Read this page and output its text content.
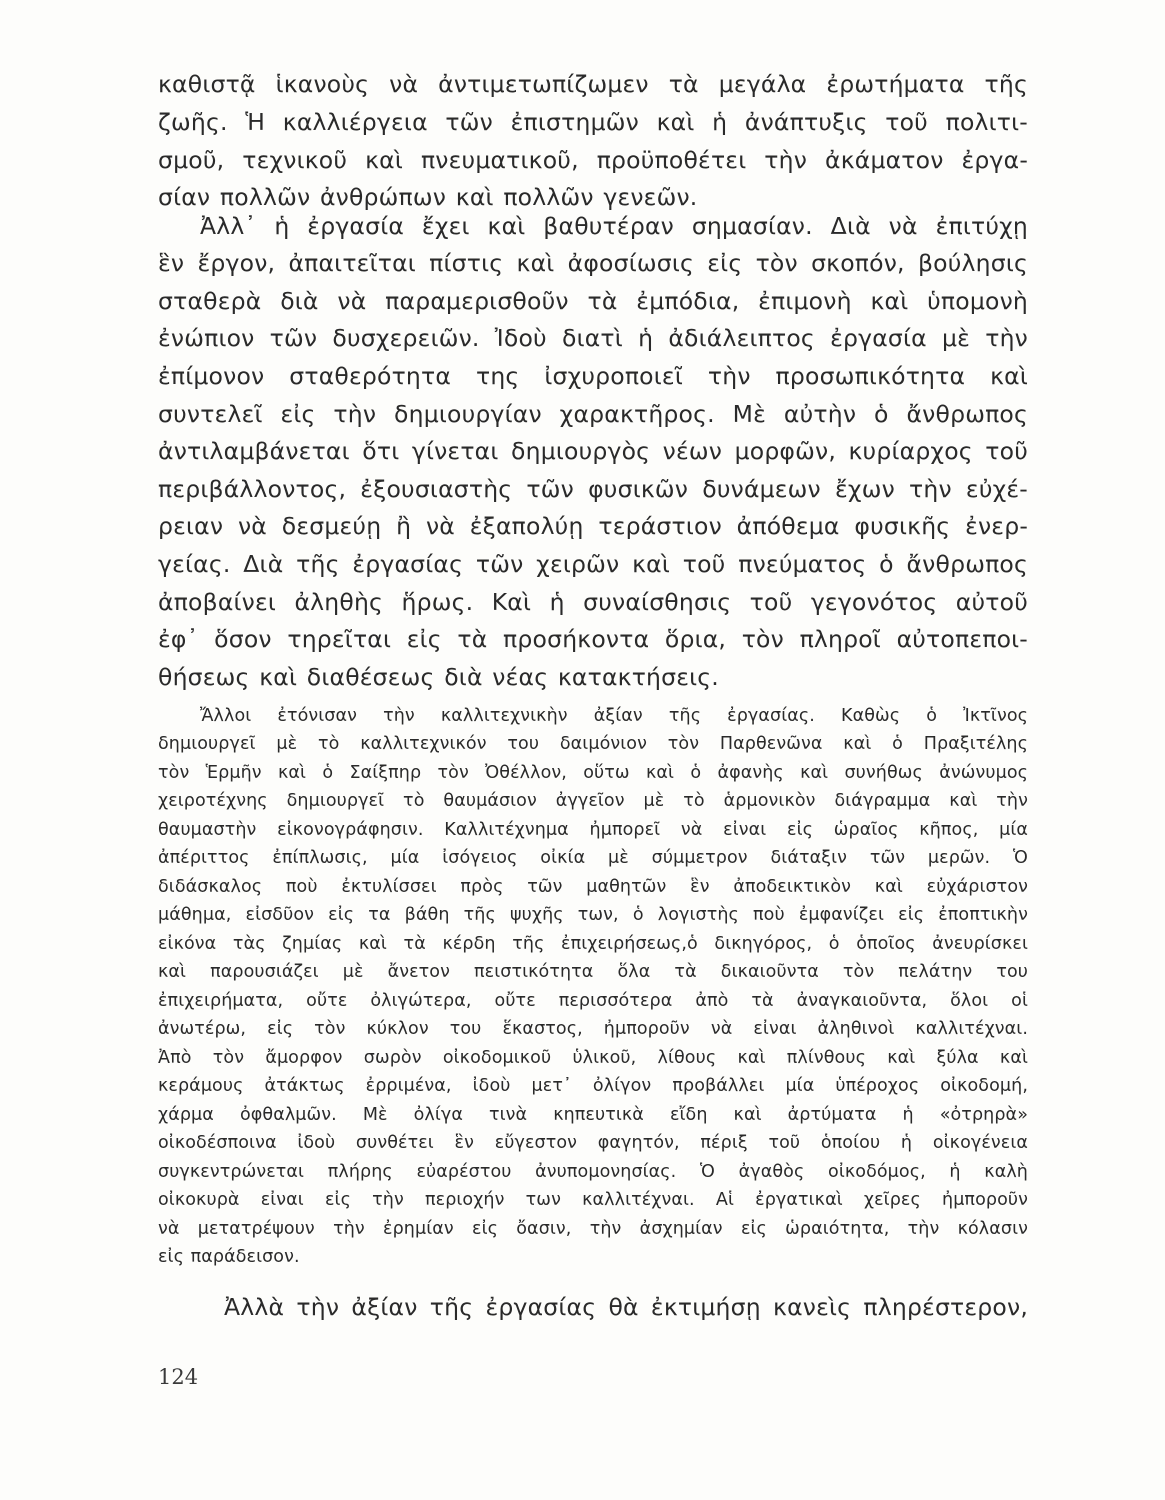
καθιστᾷ ἱκανοὺς νὰ ἀντιμετωπίζωμεν τὰ μεγάλα ἐρωτήματα τῆς
ζωῆς. Ἡ καλλιέργεια τῶν ἐπιστημῶν καὶ ἡ ἀνάπτυξις τοῦ πολιτι-
σμοῦ, τεχνικοῦ καὶ πνευματικοῦ, προϋποθέτει τὴν ἀκάματον ἐργα-
σίαν πολλῶν ἀνθρώπων καὶ πολλῶν γενεῶν.
Ἀλλ᾽ ἡ ἐργασία ἔχει καὶ βαθυτέραν σημασίαν. Διὰ νὰ ἐπιτύχῃ
ἓν ἔργον, ἀπαιτεῖται πίστις καὶ ἀφοσίωσις εἰς τὸν σκοπόν, βούλησις
σταθερὰ διὰ νὰ παραμερισθοῦν τὰ ἐμπόδια, ἐπιμονὴ καὶ ὑπομονὴ
ἐνώπιον τῶν δυσχερειῶν. Ἰδοὺ διατὶ ἡ ἀδιάλειπτος ἐργασία μὲ τὴν
ἐπίμονον σταθερότητα της ἰσχυροποιεῖ τὴν προσωπικότητα καὶ
συντελεῖ εἰς τὴν δημιουργίαν χαρακτῆρος. Μὲ αὐτὴν ὁ ἄνθρωπος
ἀντιλαμβάνεται ὅτι γίνεται δημιουργὸς νέων μορφῶν, κυρίαρχος τοῦ
περιβάλλοντος, ἐξουσιαστὴς τῶν φυσικῶν δυνάμεων ἔχων τὴν εὐχέ-
ρειαν νὰ δεσμεύῃ ἢ νὰ ἐξαπολύῃ τεράστιον ἀπόθεμα φυσικῆς ἐνερ-
γείας. Διὰ τῆς ἐργασίας τῶν χειρῶν καὶ τοῦ πνεύματος ὁ ἄνθρωπος
ἀποβαίνει ἀληθὴς ἥρως. Καὶ ἡ συναίσθησις τοῦ γεγονότος αὐτοῦ
ἐφ᾽ ὅσον τηρεῖται εἰς τὰ προσήκοντα ὅρια, τὸν πληροῖ αὐτοπεποι-
θήσεως καὶ διαθέσεως διὰ νέας κατακτήσεις.
Ἄλλοι ἐτόνισαν τὴν καλλιτεχνικὴν ἀξίαν τῆς ἐργασίας. Καθὼς ὁ Ἰκτῖνος
δημιουργεῖ μὲ τὸ καλλιτεχνικόν του δαιμόνιον τὸν Παρθενῶνα καὶ ὁ Πραξιτέλης
τὸν Ἑρμῆν καὶ ὁ Σαίξπηρ τὸν Ὀθέλλον, οὕτω καὶ ὁ ἀφανὴς καὶ συνήθως ἀνώνυμος
χειροτέχνης δημιουργεῖ τὸ θαυμάσιον ἀγγεῖον μὲ τὸ ἁρμονικὸν διάγραμμα καὶ τὴν
θαυμαστὴν εἰκονογράφησιν. Καλλιτέχνημα ἠμπορεῖ νὰ εἶναι εἰς ὡραῖος κῆπος, μία
ἀπέριττος ἐπίπλωσις, μία ἰσόγειος οἰκία μὲ σύμμετρον διάταξιν τῶν μερῶν. Ὁ
διδάσκαλος ποὺ ἐκτυλίσσει πρὸς τῶν μαθητῶν ἓν ἀποδεικτικὸν καὶ εὐχάριστον
μάθημα, εἰσδῦον εἰς τα βάθη τῆς ψυχῆς των, ὁ λογιστὴς ποὺ ἐμφανίζει εἰς ἐποπτικὴν
εἰκόνα τὰς ζημίας καὶ τὰ κέρδη τῆς ἐπιχειρήσεως,ὁ δικηγόρος, ὁ ὁποῖος ἀνευρίσκει
καὶ παρουσιάζει μὲ ἄνετον πειστικότητα ὅλα τὰ δικαιοῦντα τὸν πελάτην του
ἐπιχειρήματα, οὔτε ὀλιγώτερα, οὔτε περισσότερα ἀπὸ τὰ ἀναγκαιοῦντα, ὅλοι οἱ
ἀνωτέρω, εἰς τὸν κύκλον του ἕκαστος, ἠμποροῦν νὰ εἶναι ἀληθινοὶ καλλιτέχναι.
Ἀπὸ τὸν ἄμορφον σωρὸν οἰκοδομικοῦ ὑλικοῦ, λίθους καὶ πλίνθους καὶ ξύλα καὶ
κεράμους ἀτάκτως ἐρριμένα, ἰδοὺ μετ᾽ ὀλίγον προβάλλει μία ὑπέροχος οἰκοδομή,
χάρμα ὀφθαλμῶν. Μὲ ὀλίγα τινὰ κηπευτικὰ εἴδη καὶ ἀρτύματα ἡ «ὀτρηρὰ»
οἰκοδέσποινα ἰδοὺ συνθέτει ἓν εὔγεστον φαγητόν, πέριξ τοῦ ὁποίου ἡ οἰκογένεια
συγκεντρώνεται πλήρης εὐαρέστου ἀνυπομονησίας. Ὁ ἀγαθὸς οἰκοδόμος, ἡ καλὴ
οἰκοκυρὰ εἶναι εἰς τὴν περιοχήν των καλλιτέχναι. Αἱ ἐργατικαὶ χεῖρες ἠμποροῦν
νὰ μετατρέψουν τὴν ἐρημίαν εἰς ὄασιν, τὴν ἀσχημίαν εἰς ὡραιότητα, τὴν κόλασιν
εἰς παράδεισον.
Ἀλλὰ τὴν ἀξίαν τῆς ἐργασίας θὰ ἐκτιμήσῃ κανεὶς πληρέστερον,
124
